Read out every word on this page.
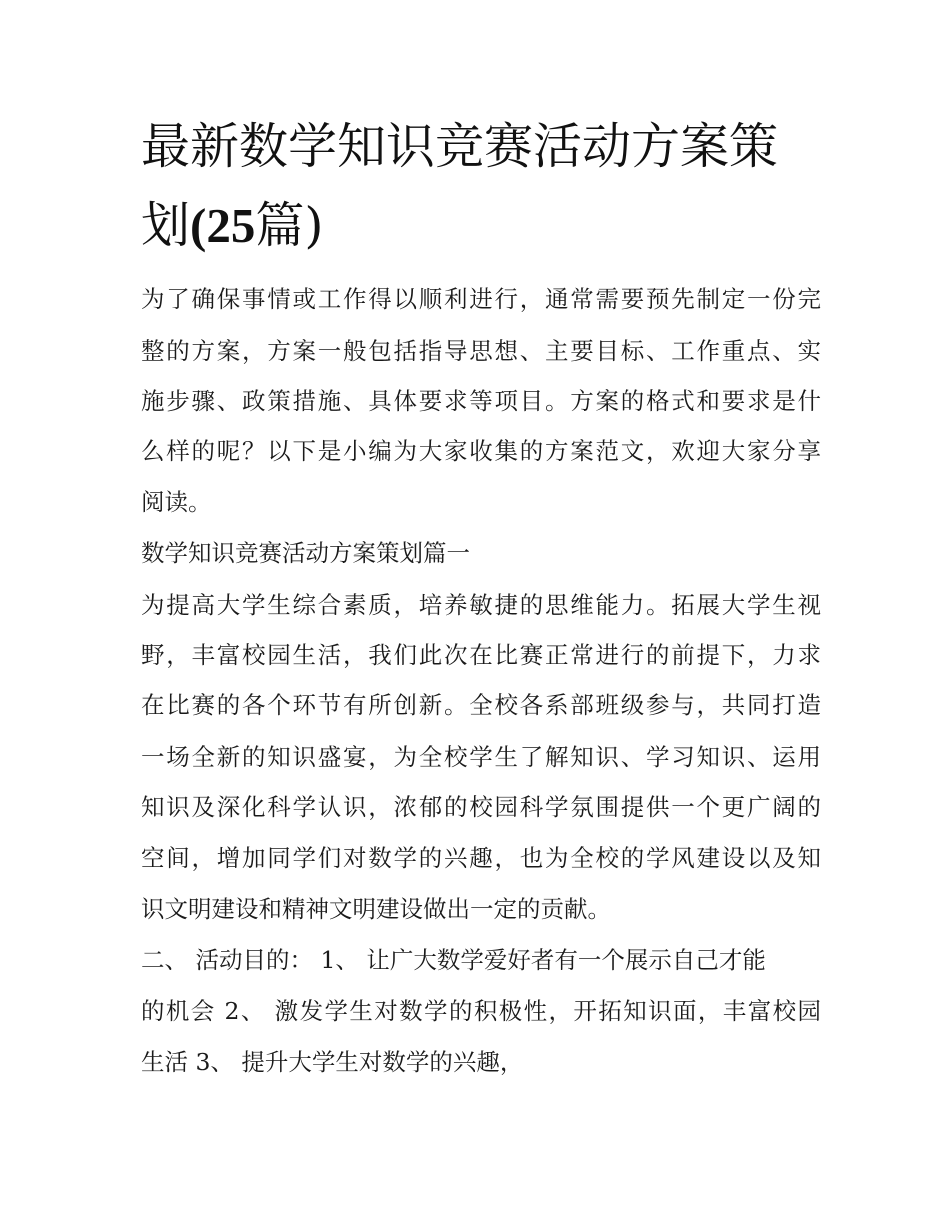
最新数学知识竞赛活动方案策
划(25篇)
为了确保事情或工作得以顺利进行，通常需要预先制定一份完
整的方案，方案一般包括指导思想、主要目标、工作重点、实
施步骤、政策措施、具体要求等项目。方案的格式和要求是什
么样的呢？以下是小编为大家收集的方案范文，欢迎大家分享
阅读。
数学知识竞赛活动方案策划篇一
为提高大学生综合素质，培养敏捷的思维能力。拓展大学生视
野，丰富校园生活，我们此次在比赛正常进行的前提下，力求
在比赛的各个环节有所创新。全校各系部班级参与，共同打造
一场全新的知识盛宴，为全校学生了解知识、学习知识、运用
知识及深化科学认识，浓郁的校园科学氛围提供一个更广阔的
空间，增加同学们对数学的兴趣，也为全校的学风建设以及知
识文明建设和精神文明建设做出一定的贡献。
二、 活动目的： 1、 让广大数学爱好者有一个展示自己才能
的机会 2、 激发学生对数学的积极性，开拓知识面，丰富校园
生活 3、 提升大学生对数学的兴趣，
